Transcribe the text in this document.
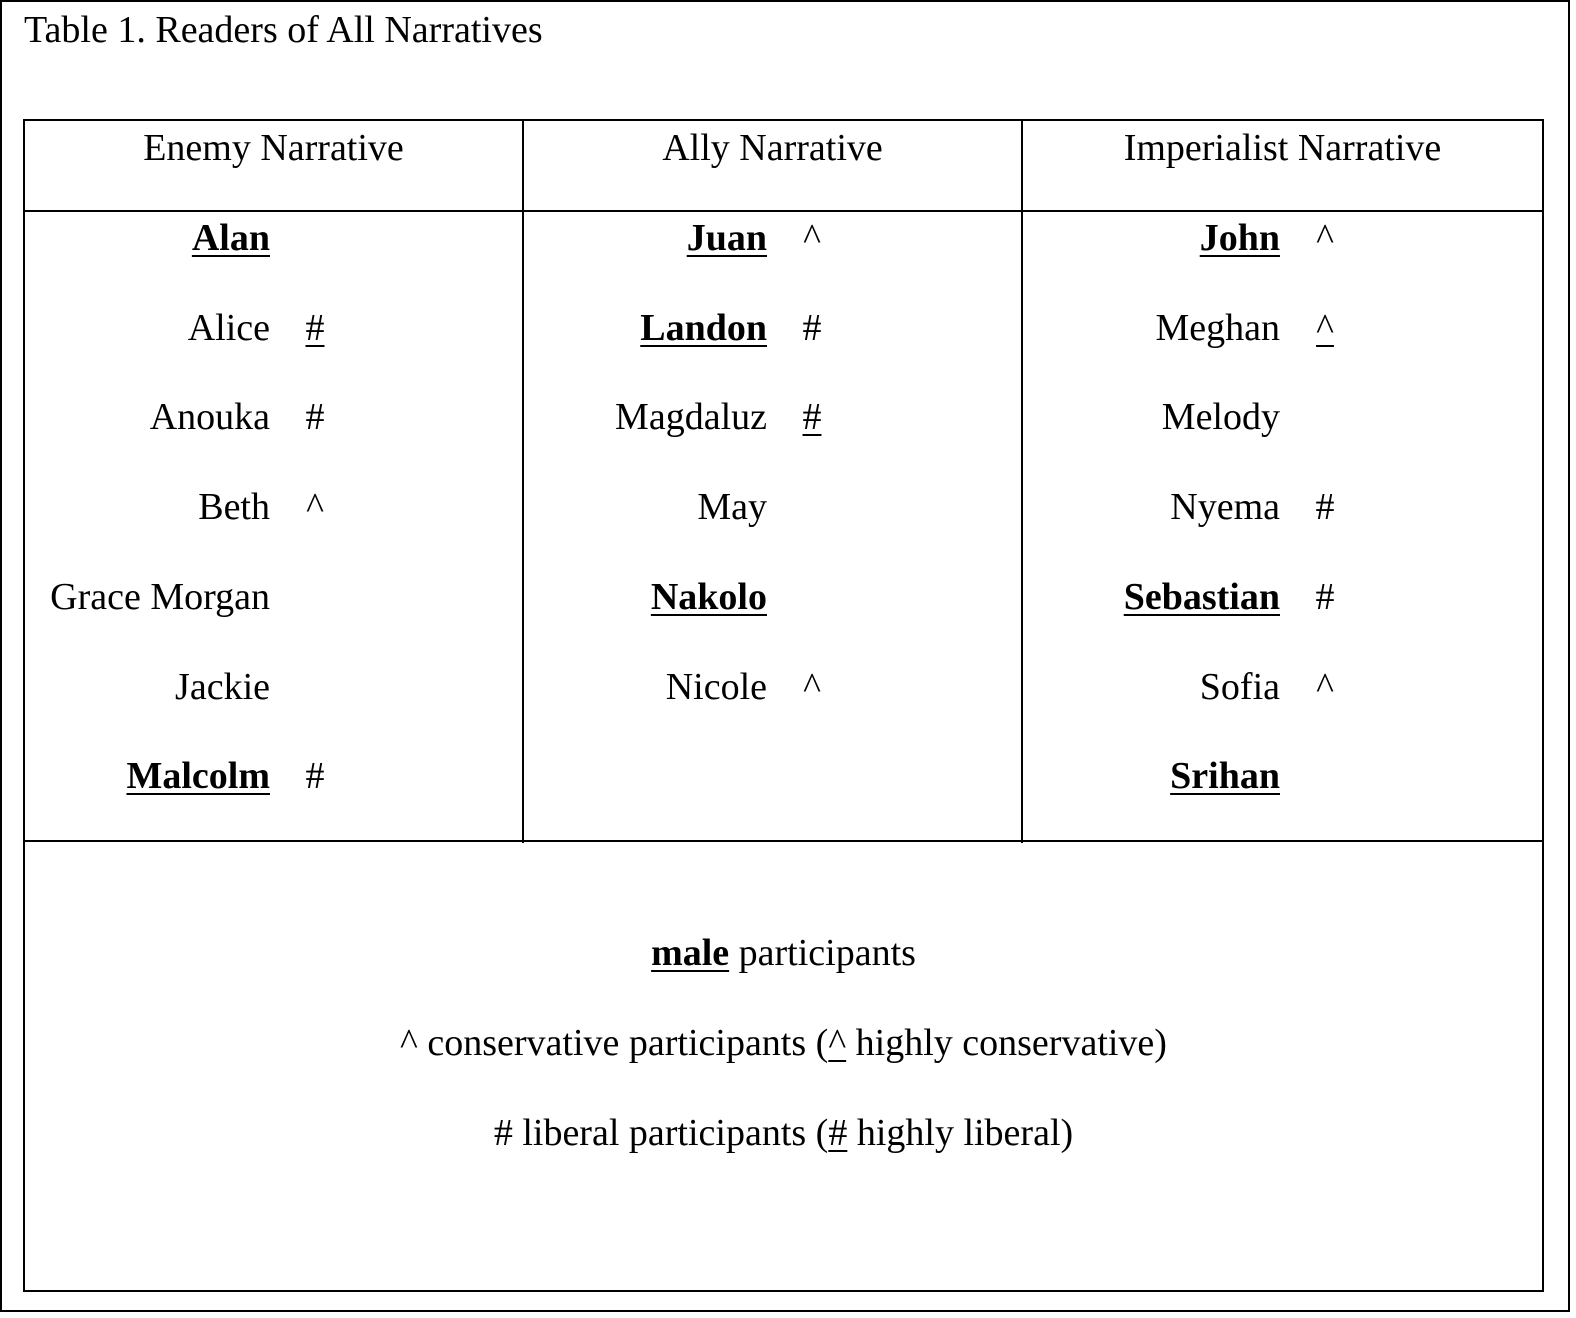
Table 1. Readers of All Narratives
Enemy Narrative	Ally Narrative	Imperialist Narrative
Alan
Alice #
Anouka #
Beth ^
Grace Morgan
Jackie
Malcolm #
Juan ^
Landon #
Magdaluz #
May
Nakolo
Nicole ^
John ^
Meghan ^
Melody
Nyema #
Sebastian #
Sofia ^
Srihan
male participants
^ conservative participants (^ highly conservative)
# liberal participants (# highly liberal)
